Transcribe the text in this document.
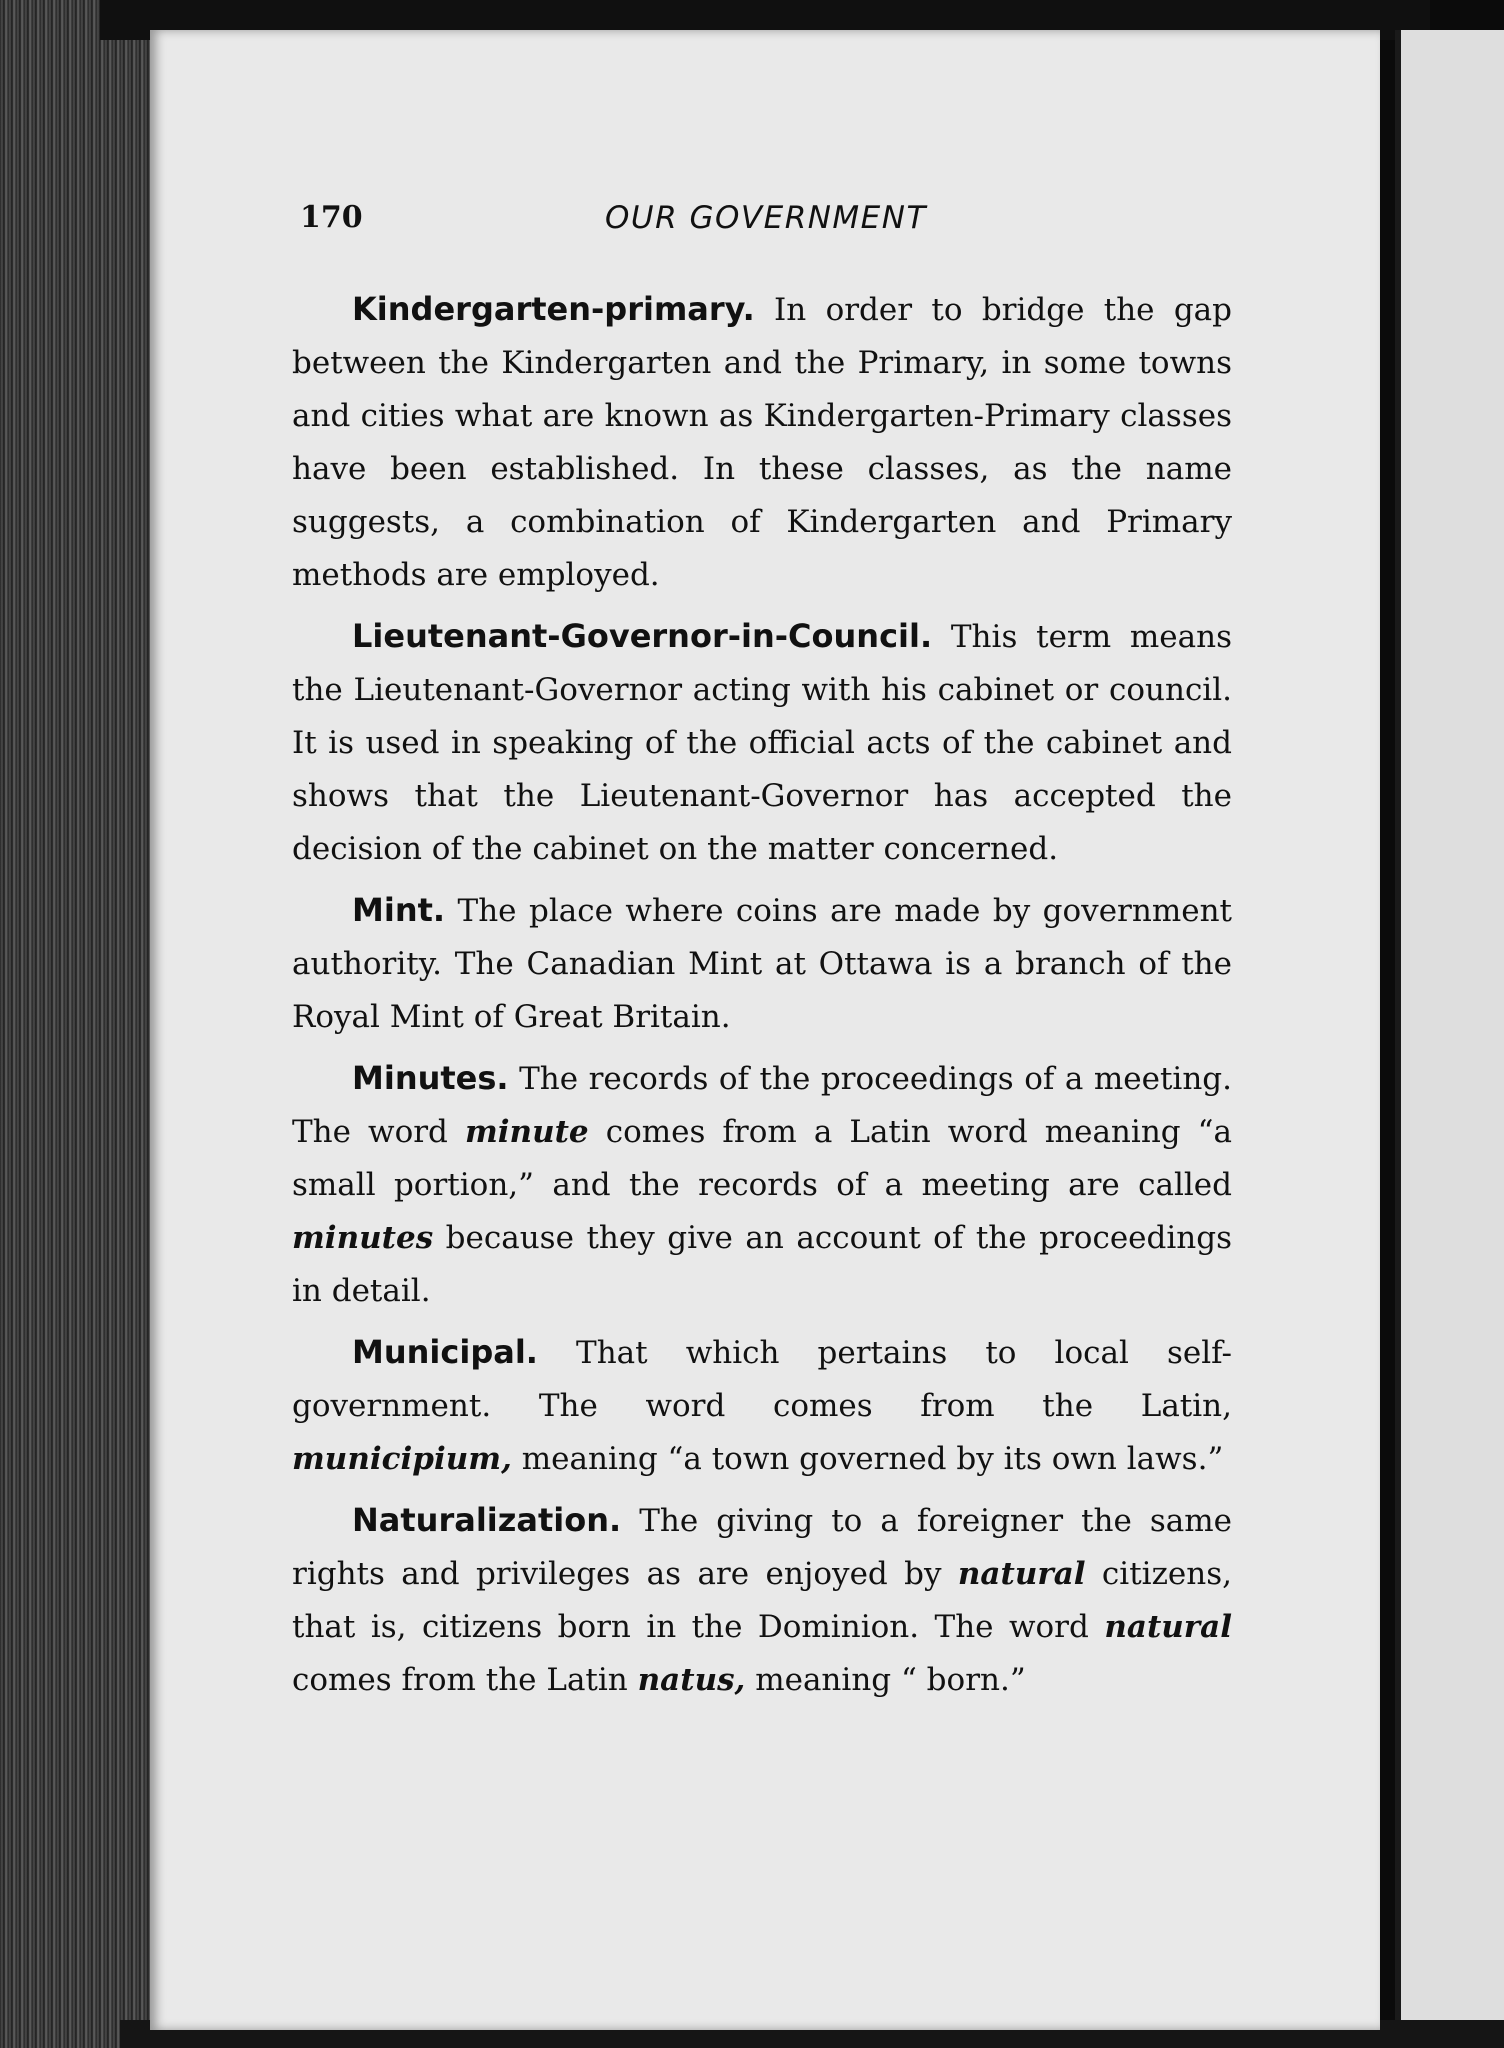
170	OUR GOVERNMENT

Kindergarten-primary. In order to bridge the gap between the Kindergarten and the Primary, in some towns and cities what are known as Kindergarten-Primary classes have been established. In these classes, as the name suggests, a combination of Kindergarten and Primary methods are employed.

Lieutenant-Governor-in-Council. This term means the Lieutenant-Governor acting with his cabinet or council. It is used in speaking of the official acts of the cabinet and shows that the Lieutenant-Governor has accepted the decision of the cabinet on the matter concerned.

Mint. The place where coins are made by government authority. The Canadian Mint at Ottawa is a branch of the Royal Mint of Great Britain.

Minutes. The records of the proceedings of a meeting. The word minute comes from a Latin word meaning “a small portion,” and the records of a meeting are called minutes because they give an account of the proceedings in detail.

Municipal. That which pertains to local self-government. The word comes from the Latin, municipium, meaning “a town governed by its own laws.”

Naturalization. The giving to a foreigner the same rights and privileges as are enjoyed by natural citizens, that is, citizens born in the Dominion. The word natural comes from the Latin natus, meaning “ born.”
